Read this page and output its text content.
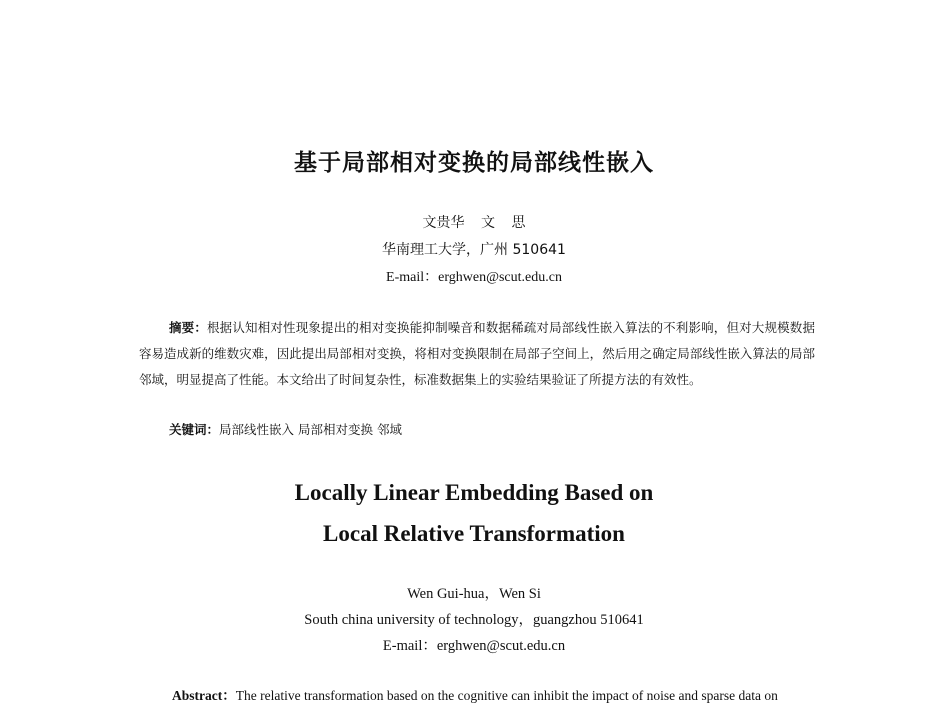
基于局部相对变换的局部线性嵌入
文贵华 文 思
华南理工大学，广州 510641
E-mail：erghwen@scut.edu.cn
摘要：根据认知相对性现象提出的相对变换能抑制噪音和数据稀疏对局部线性嵌入算法的不利影响，但对大规模数据容易造成新的维数灾难，因此提出局部相对变换，将相对变换限制在局部子空间上，然后用之确定局部线性嵌入算法的局部邻域，明显提高了性能。本文给出了时间复杂性，标准数据集上的实验结果验证了所提方法的有效性。
关键词：局部线性嵌入 局部相对变换 邻域
Locally Linear Embedding Based on
Local Relative Transformation
Wen Gui-hua，Wen Si
South china university of technology，guangzhou 510641
E-mail：erghwen@scut.edu.cn
Abstract：The relative transformation based on the cognitive can inhibit the impact of noise and sparse data on
